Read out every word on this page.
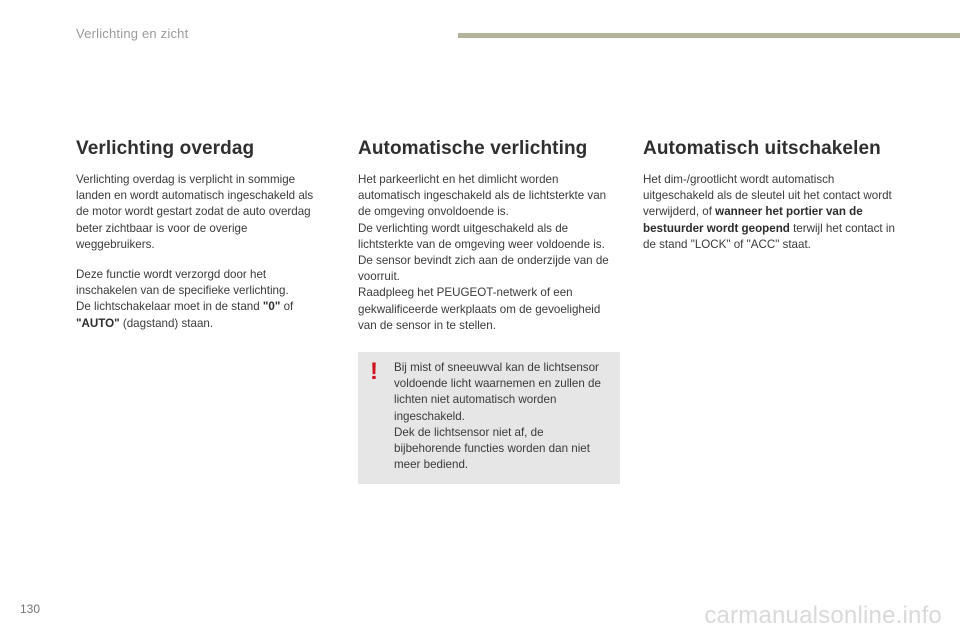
Verlichting en zicht
Verlichting overdag

Verlichting overdag is verplicht in sommige landen en wordt automatisch ingeschakeld als de motor wordt gestart zodat de auto overdag beter zichtbaar is voor de overige weggebruikers.

Deze functie wordt verzorgd door het inschakelen van de specifieke verlichting.
De lichtschakelaar moet in de stand "0" of
"AUTO" (dagstand) staan.

Automatische verlichting

Het parkeerlicht en het dimlicht worden automatisch ingeschakeld als de lichtsterkte van de omgeving onvoldoende is.
De verlichting wordt uitgeschakeld als de lichtsterkte van de omgeving weer voldoende is.
De sensor bevindt zich aan de onderzijde van de voorruit.
Raadpleeg het PEUGEOT-netwerk of een gekwalificeerde werkplaats om de gevoeligheid van de sensor in te stellen.

!	Bij mist of sneeuwval kan de lichtsensor voldoende licht waarnemen en zullen de lichten niet automatisch worden ingeschakeld.
Dek de lichtsensor niet af, de bijbehorende functies worden dan niet meer bediend.

Automatisch uitschakelen

Het dim-/grootlicht wordt automatisch uitgeschakeld als de sleutel uit het contact wordt verwijderd, of wanneer het portier van de bestuurder wordt geopend terwijl het contact in de stand "LOCK" of "ACC" staat.

130	carmanualsonline.info
